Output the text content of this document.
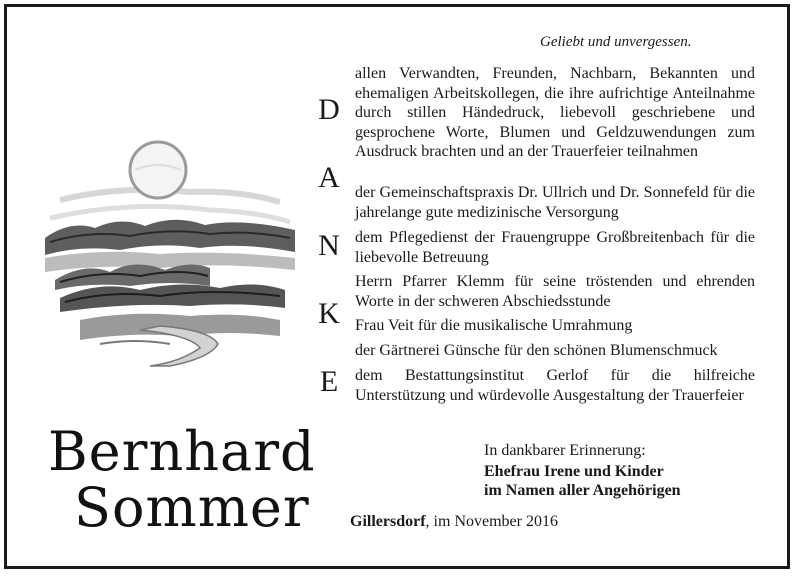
Geliebt und unvergessen.
D
A
N
K
E
allen Verwandten, Freunden, Nachbarn, Bekannten und ehemaligen Arbeitskollegen, die ihre aufrichtige Anteilnahme durch stillen Händedruck, liebevoll geschriebene und gesprochene Worte, Blumen und Geldzuwendungen zum Ausdruck brachten und an der Trauerfeier teilnahmen
der Gemeinschaftspraxis Dr. Ullrich und Dr. Sonnefeld für die jahrelange gute medizinische Versorgung
dem Pflegedienst der Frauengruppe Großbreitenbach für die liebevolle Betreuung
Herrn Pfarrer Klemm für seine tröstenden und ehrenden Worte in der schweren Abschiedsstunde
Frau Veit für die musikalische Umrahmung
der Gärtnerei Günsche für den schönen Blumenschmuck
dem Bestattungsinstitut Gerlof für die hilfreiche Unterstützung und würdevolle Ausgestaltung der Trauerfeier
Bernhard
Sommer
In dankbarer Erinnerung:
Ehefrau Irene und Kinder
im Namen aller Angehörigen
Gillersdorf, im November 2016
